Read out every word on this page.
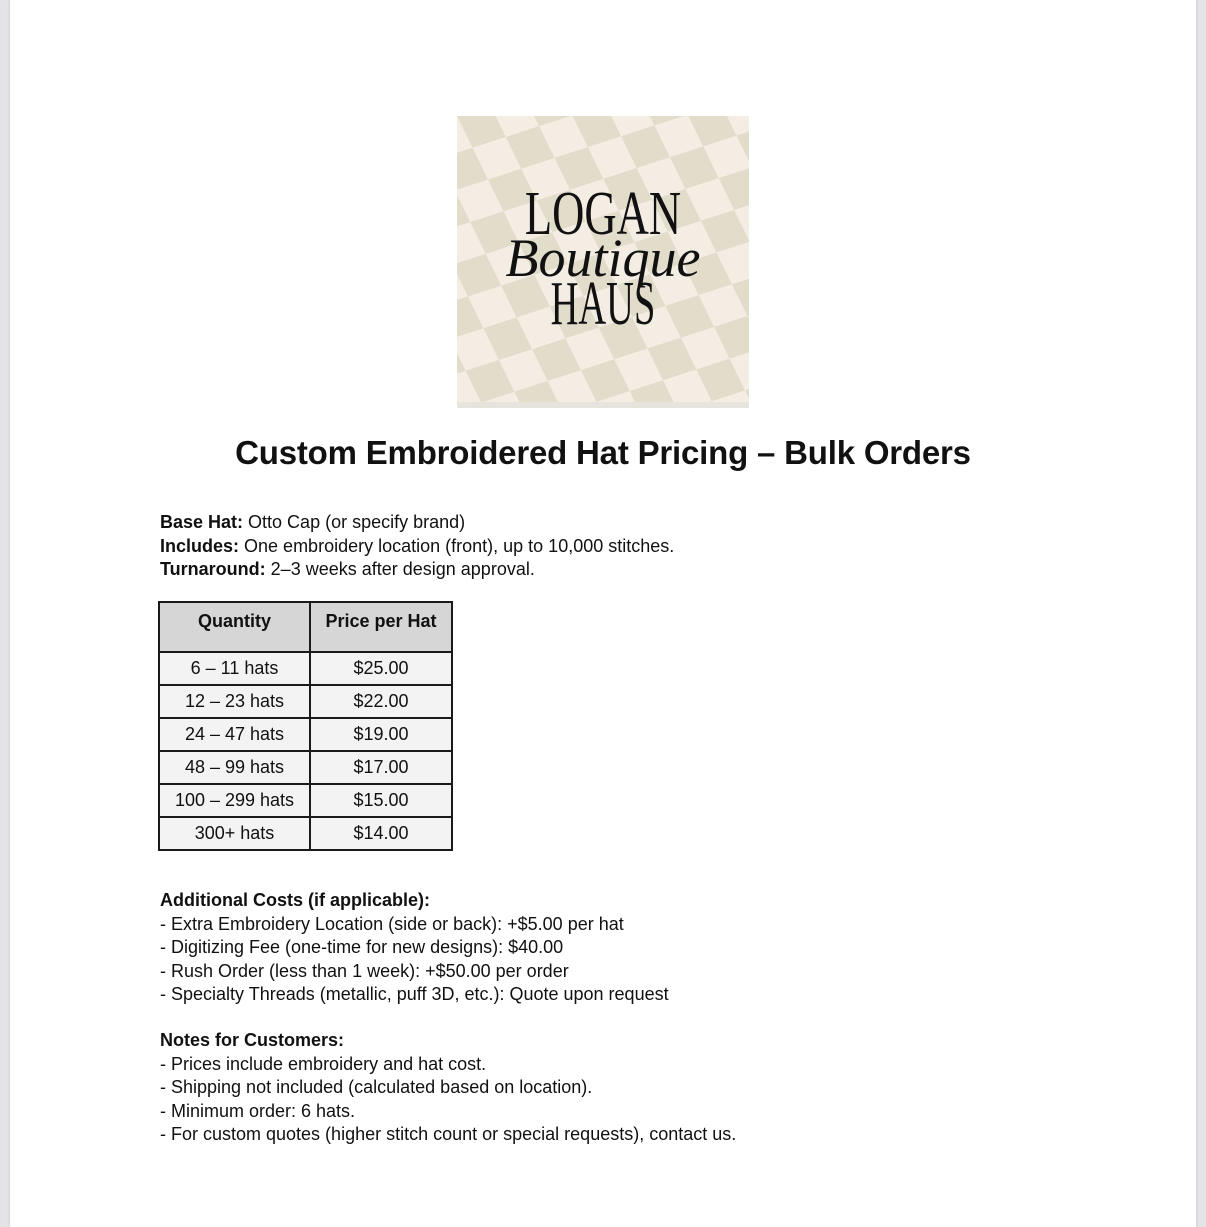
LOGAN
HAUS
Boutique
Custom Embroidered Hat Pricing – Bulk Orders
Base Hat: Otto Cap (or specify brand)
Includes: One embroidery location (front), up to 10,000 stitches.
Turnaround: 2–3 weeks after design approval.
Quantity	Price per Hat
6 – 11 hats	$25.00
12 – 23 hats	$22.00
24 – 47 hats	$19.00
48 – 99 hats	$17.00
100 – 299 hats	$15.00
300+ hats	$14.00
Additional Costs (if applicable):
- Extra Embroidery Location (side or back): +$5.00 per hat
- Digitizing Fee (one-time for new designs): $40.00
- Rush Order (less than 1 week): +$50.00 per order
- Specialty Threads (metallic, puff 3D, etc.): Quote upon request
Notes for Customers:
- Prices include embroidery and hat cost.
- Shipping not included (calculated based on location).
- Minimum order: 6 hats.
- For custom quotes (higher stitch count or special requests), contact us.
